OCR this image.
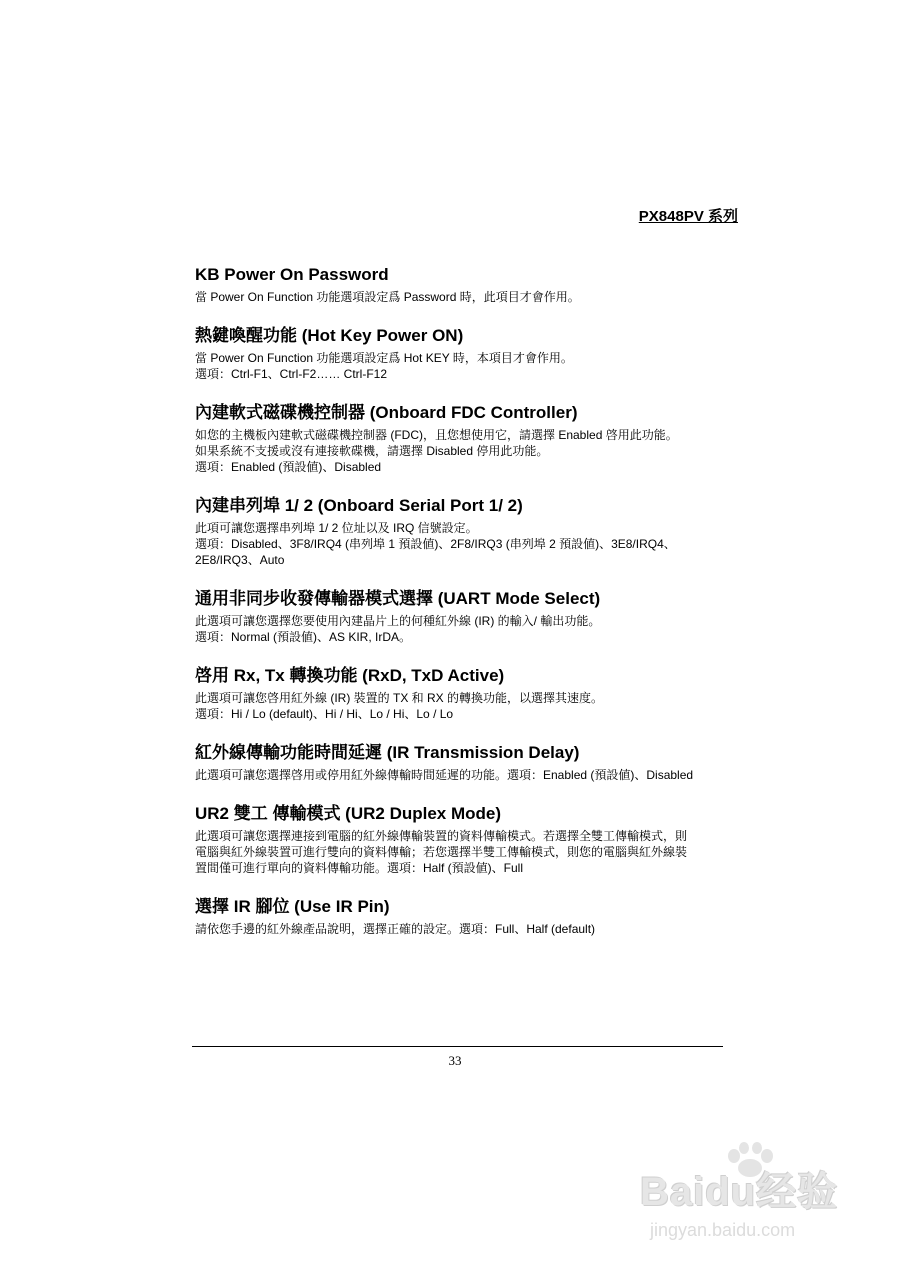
PX848PV 系列
KB Power On Password
當 Power On Function 功能選項設定爲 Password 時，此項目才會作用。
熱鍵喚醒功能 (Hot Key Power ON)
當 Power On Function 功能選項設定爲 Hot KEY 時，本項目才會作用。
選項：Ctrl-F1、Ctrl-F2…… Ctrl-F12
內建軟式磁碟機控制器 (Onboard FDC Controller)
如您的主機板內建軟式磁碟機控制器 (FDC)，且您想使用它，請選擇 Enabled 啓用此功能。
如果系統不支援或沒有連接軟碟機，請選擇 Disabled 停用此功能。
選項：Enabled (預設値)、Disabled
內建串列埠 1/ 2 (Onboard Serial Port 1/ 2)
此項可讓您選擇串列埠 1/ 2 位址以及 IRQ 信號設定。
選項：Disabled、3F8/IRQ4 (串列埠 1 預設値)、2F8/IRQ3 (串列埠 2 預設値)、3E8/IRQ4、
2E8/IRQ3、Auto
通用非同步收發傳輸器模式選擇 (UART Mode Select)
此選項可讓您選擇您要使用內建晶片上的何種紅外線 (IR) 的輸入/ 輸出功能。
選項：Normal (預設値)、AS KIR, IrDA。
啓用 Rx, Tx 轉換功能 (RxD, TxD Active)
此選項可讓您啓用紅外線 (IR) 裝置的 TX 和 RX 的轉換功能，以選擇其速度。
選項：Hi / Lo (default)、Hi / Hi、Lo / Hi、Lo / Lo
紅外線傳輸功能時間延遲 (IR Transmission Delay)
此選項可讓您選擇啓用或停用紅外線傳輸時間延遲的功能。選項：Enabled (預設値)、Disabled
UR2 雙工 傳輸模式 (UR2 Duplex Mode)
此選項可讓您選擇連接到電腦的紅外線傳輸裝置的資料傳輸模式。若選擇全雙工傳輸模式，則
電腦與紅外線裝置可進行雙向的資料傳輸；若您選擇半雙工傳輸模式，則您的電腦與紅外線裝
置間僅可進行單向的資料傳輸功能。選項：Half (預設値)、Full
選擇 IR 腳位 (Use IR Pin)
請依您手邊的紅外線產品說明，選擇正確的設定。選項：Full、Half (default)
33
Baidu经验
jingyan.baidu.com
